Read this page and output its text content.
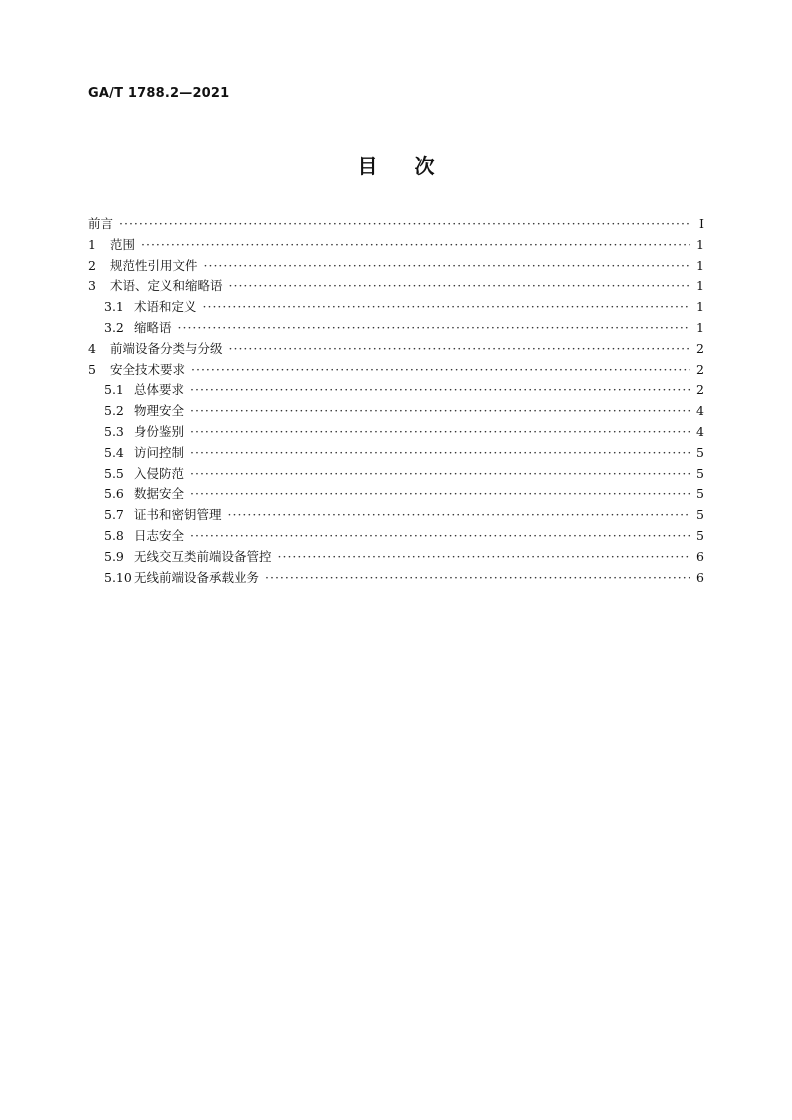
GA/T 1788.2—2021
目 次
前言 ·····	Ⅰ
1	范围 ·····	1
2	规范性引用文件 ·····	1
3	术语、定义和缩略语 ·····	1
3.1 术语和定义 ·····	1
3.2 缩略语 ·····	1
4	前端设备分类与分级 ·····	2
5	安全技术要求 ·····	2
5.1 总体要求 ·····	2
5.2 物理安全 ·····	4
5.3 身份鉴别 ·····	4
5.4 访问控制 ·····	5
5.5 入侵防范 ·····	5
5.6 数据安全 ·····	5
5.7 证书和密钥管理 ·····	5
5.8 日志安全 ·····	5
5.9 无线交互类前端设备管控 ·····	6
5.10 无线前端设备承载业务 ·····	6
